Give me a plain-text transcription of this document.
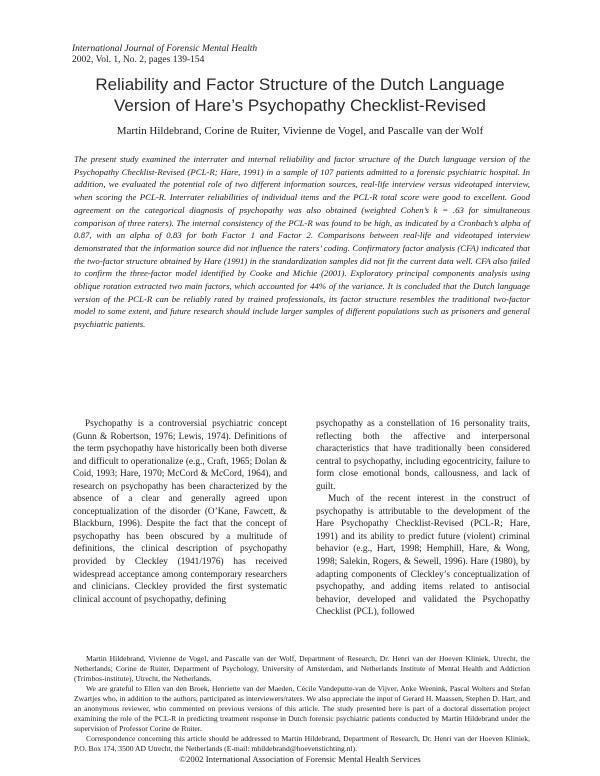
International Journal of Forensic Mental Health
2002, Vol. 1, No. 2, pages 139-154
Reliability and Factor Structure of the Dutch Language
Version of Hare’s Psychopathy Checklist-Revised
Martin Hildebrand, Corine de Ruiter, Vivienne de Vogel, and Pascalle van der Wolf

The present study examined the interrater and internal reliability and factor structure of the Dutch language version of the Psychopathy Checklist-Revised (PCL-R; Hare, 1991) in a sample of 107 patients admitted to a forensic psychiatric hospital. In addition, we evaluated the potential role of two different information sources, real-life interview versus videotaped interview, when scoring the PCL-R. Interrater reliabilities of individual items and the PCL-R total score were good to excellent. Good agreement on the categorical diagnosis of psychopathy was also obtained (weighted Cohen’s k = .63 for simultaneous comparison of three raters). The internal consistency of the PCL-R was found to be high, as indicated by a Cronbach’s alpha of 0.87, with an alpha of 0.83 for both Factor 1 and Factor 2. Comparisons between real-life and videotaped interview demonstrated that the information source did not influence the raters’ coding. Confirmatory factor analysis (CFA) indicated that the two-factor structure obtained by Hare (1991) in the standardization samples did not fit the current data well. CFA also failed to confirm the three-factor model identified by Cooke and Michie (2001). Exploratory principal components analysis using oblique rotation extracted two main factors, which accounted for 44% of the variance. It is concluded that the Dutch language version of the PCL-R can be reliably rated by trained professionals, its factor structure resembles the traditional two-factor model to some extent, and future research should include larger samples of different populations such as prisoners and general psychiatric patients.

Psychopathy is a controversial psychiatric concept (Gunn & Robertson, 1976; Lewis, 1974). Definitions of the term psychopathy have historically been both diverse and difficult to operationalize (e.g., Craft, 1965; Dolan & Coid, 1993; Hare, 1970; McCord & McCord, 1964), and research on psychopathy has been characterized by the absence of a clear and generally agreed upon conceptualization of the disorder (O’Kane, Fawcett, & Blackburn, 1996). Despite the fact that the concept of psychopathy has been obscured by a multitude of definitions, the clinical description of psychopathy provided by Cleckley (1941/1976) has received widespread acceptance among contemporary researchers and clinicians. Cleckley provided the first systematic clinical account of psychopathy, defining

psychopathy as a constellation of 16 personality traits, reflecting both the affective and interpersonal characteristics that have traditionally been considered central to psychopathy, including egocentricity, failure to form close emotional bonds, callousness, and lack of guilt.

Much of the recent interest in the construct of psychopathy is attributable to the development of the Hare Psychopathy Checklist-Revised (PCL-R; Hare, 1991) and its ability to predict future (violent) criminal behavior (e.g., Hart, 1998; Hemphill, Hare, & Wong, 1998; Salekin, Rogers, & Sewell, 1996). Hare (1980), by adapting components of Cleckley’s conceptualization of psychopathy, and adding items related to antisocial behavior, developed and validated the Psychopathy Checklist (PCL), followed

Martin Hildebrand, Vivienne de Vogel, and Pascalle van der Wolf, Department of Research, Dr. Henri van der Hoeven Kliniek, Utrecht, the Netherlands; Corine de Ruiter, Department of Psychology, University of Amsterdam, and Netherlands Institute of Mental Health and Addiction (Trimbos-institute), Utrecht, the Netherlands.

We are grateful to Ellen van den Broek, Henriette van der Maeden, Cécile Vandeputte-van de Vijver, Anke Weenink, Pascal Wolters and Stefan Zwartjes who, in addition to the authors, participated as interviewers/raters. We also appreciate the input of Gerard H. Maassen, Stephen D. Hart, and an anonymous reviewer, who commented on previous versions of this article. The study presented here is part of a doctoral dissertation project examining the role of the PCL-R in predicting treatment response in Dutch forensic psychiatric patients conducted by Martin Hildebrand under the supervision of Professor Corine de Ruiter.

Correspondence concerning this article should be addressed to Martin Hildebrand, Department of Research, Dr. Henri van der Hoeven Kliniek, P.O. Box 174, 3500 AD Utrecht, the Netherlands (E-mail: mhildebrand@hoevenstichting.nl).

©2002 International Association of Forensic Mental Health Services
